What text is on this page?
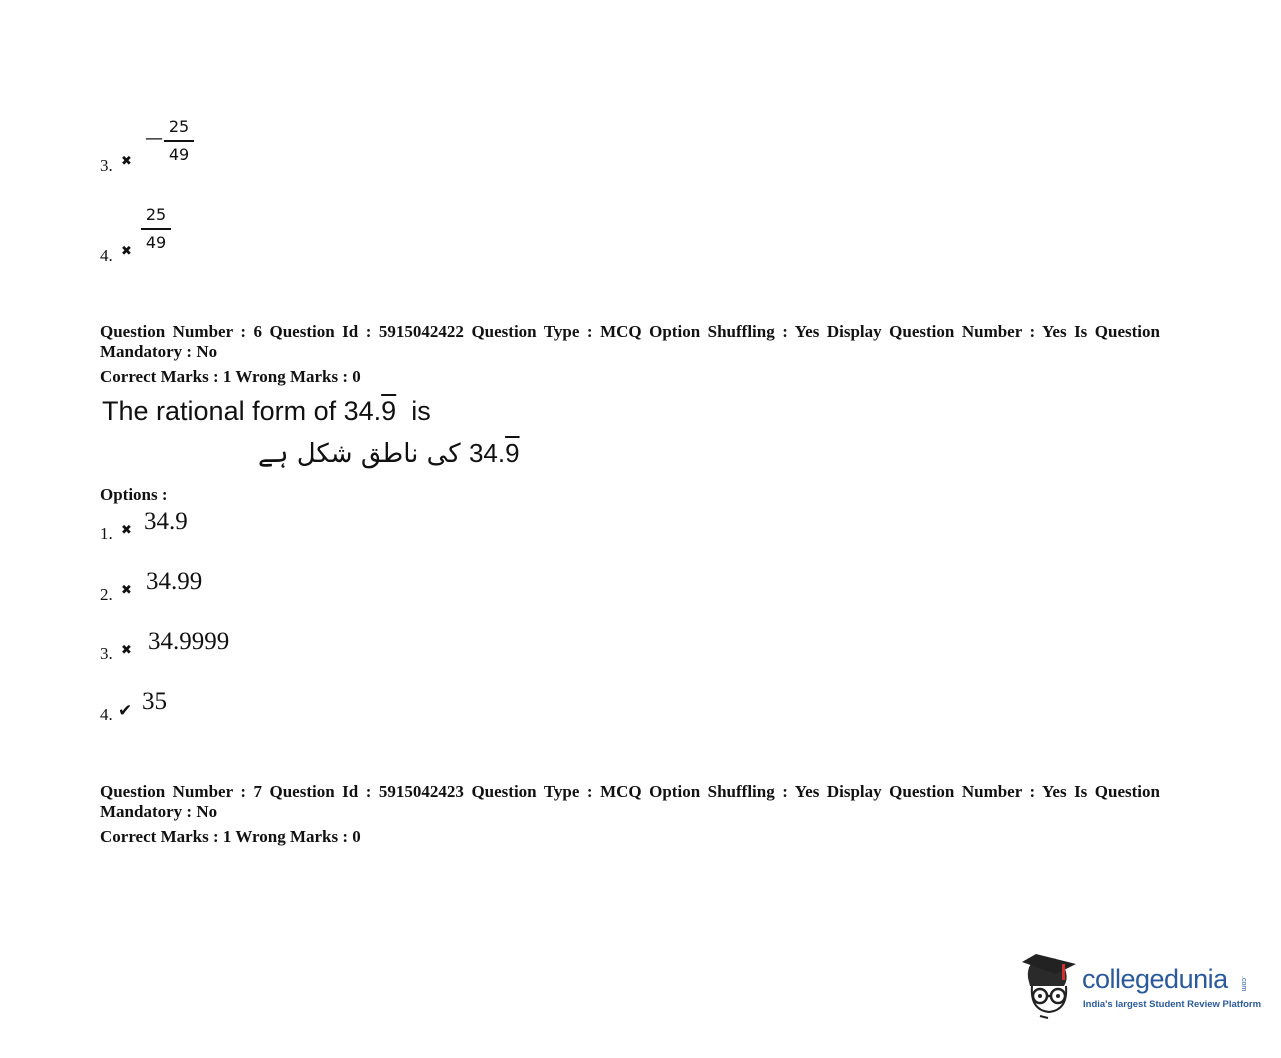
3. ✖
—
25
49
4. ✖
25
49
Question Number : 6 Question Id : 5915042422 Question Type : MCQ Option Shuffling : Yes Display Question Number : Yes Is Question Mandatory : No
Correct Marks : 1 Wrong Marks : 0
The rational form of 34.9 is
34.9 کی ناطق شکل ہے
Options :
1. ✖ 34.9
2. ✖ 34.99
3. ✖ 34.9999
4. ✔ 35
Question Number : 7 Question Id : 5915042423 Question Type : MCQ Option Shuffling : Yes Display Question Number : Yes Is Question Mandatory : No
Correct Marks : 1 Wrong Marks : 0
collegedunia .com
India's largest Student Review Platform
